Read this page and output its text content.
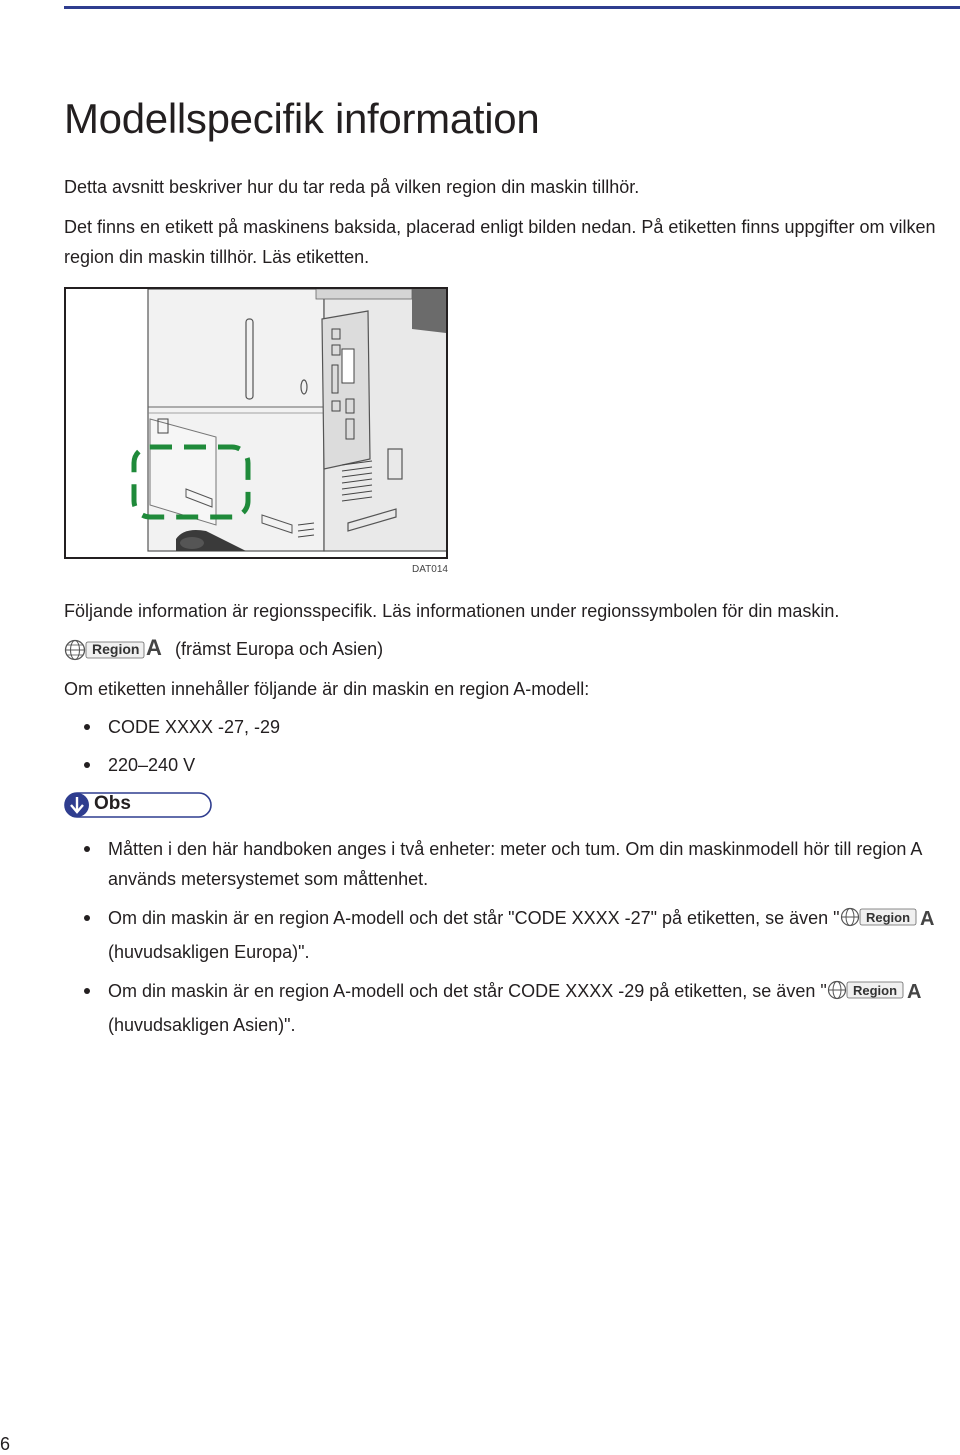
Modellspecifik information

Detta avsnitt beskriver hur du tar reda på vilken region din maskin tillhör.

Det finns en etikett på maskinens baksida, placerad enligt bilden nedan. På etiketten finns uppgifter om vilken region din maskin tillhör. Läs etiketten.

DAT014

Följande information är regionsspecifik. Läs informationen under regionssymbolen för din maskin.

Region A (främst Europa och Asien)

Om etiketten innehåller följande är din maskin en region A-modell:

CODE XXXX -27, -29
220–240 V
Obs
Måtten i den här handboken anges i två enheter: meter och tum. Om din maskinmodell hör till region A används metersystemet som måttenhet.
Om din maskin är en region A-modell och det står "CODE XXXX -27" på etiketten, se även " Region A
(huvudsakligen Europa)".
Om din maskin är en region A-modell och det står CODE XXXX -29 på etiketten, se även " Region A
(huvudsakligen Asien)".
6
